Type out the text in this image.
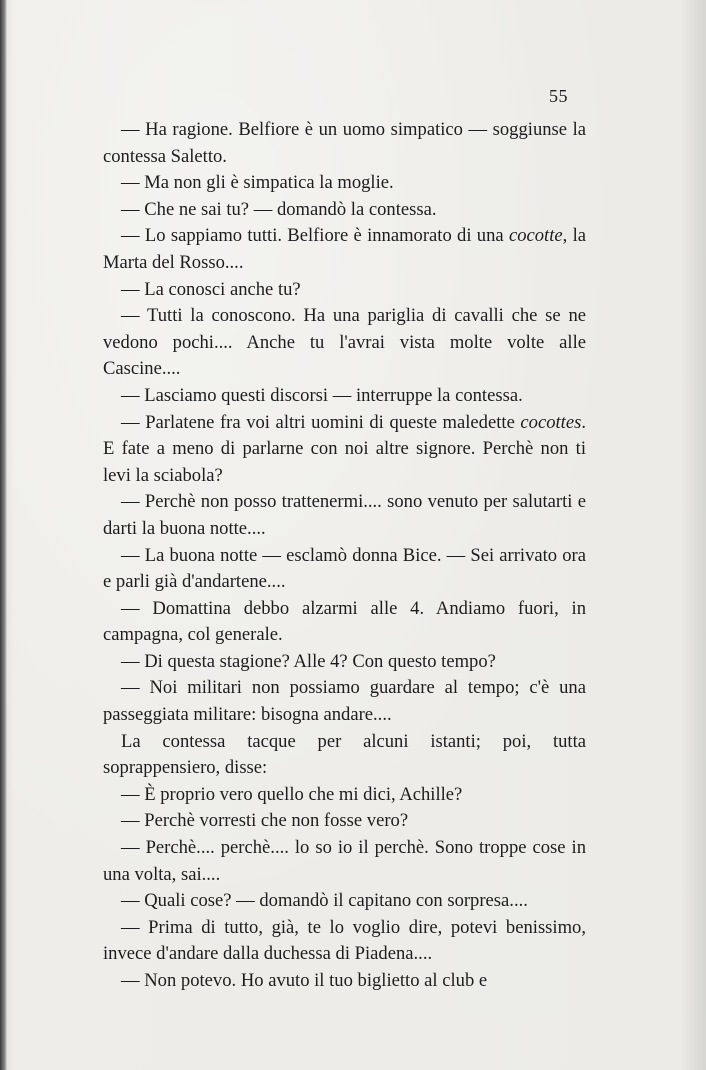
55

— Ha ragione. Belfiore è un uomo simpatico — soggiunse la contessa Saletto.

— Ma non gli è simpatica la moglie.

— Che ne sai tu? — domandò la contessa.

— Lo sappiamo tutti. Belfiore è innamorato di una cocotte, la Marta del Rosso....

— La conosci anche tu?

— Tutti la conoscono. Ha una pariglia di cavalli che se ne vedono pochi.... Anche tu l'avrai vista molte volte alle Cascine....

— Lasciamo questi discorsi — interruppe la contessa.

— Parlatene fra voi altri uomini di queste maledette cocottes. E fate a meno di parlarne con noi altre signore. Perchè non ti levi la sciabola?

— Perchè non posso trattenermi.... sono venuto per salutarti e darti la buona notte....

— La buona notte — esclamò donna Bice. — Sei arrivato ora e parli già d'andartene....

— Domattina debbo alzarmi alle 4. Andiamo fuori, in campagna, col generale.

— Di questa stagione? Alle 4? Con questo tempo?

— Noi militari non possiamo guardare al tempo; c'è una passeggiata militare: bisogna andare....

La contessa tacque per alcuni istanti; poi, tutta soprappensiero, disse:

— È proprio vero quello che mi dici, Achille?

— Perchè vorresti che non fosse vero?

— Perchè.... perchè.... lo so io il perchè. Sono troppe cose in una volta, sai....

— Quali cose? — domandò il capitano con sorpresa....

— Prima di tutto, già, te lo voglio dire, potevi benissimo, invece d'andare dalla duchessa di Piadena....

— Non potevo. Ho avuto il tuo biglietto al club e
